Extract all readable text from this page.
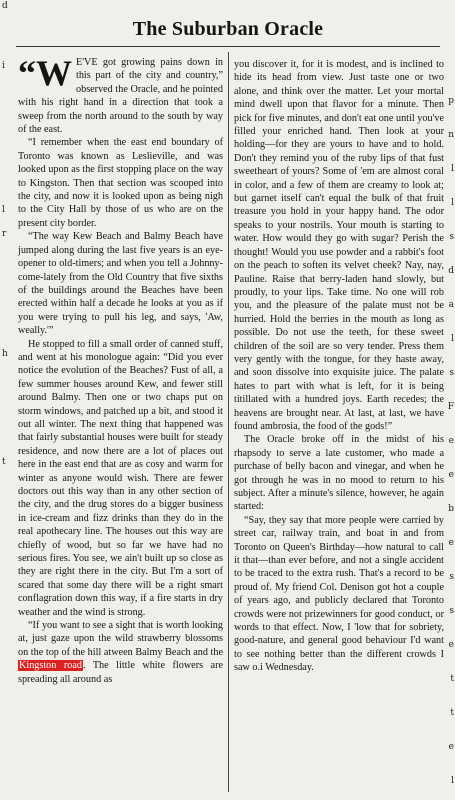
d

i

l

r

h

t

p
n
l
l
s
d
a
l
s
F
e
e
b
e
s
s
e
t
t
e
l
The Suburban Oracle

“W E'VE got growing pains down in this part of the city and country,” observed the Oracle, and he pointed with his right hand in a direction that took a sweep from the north around to the south by way of the east.

“I remember when the east end boundary of Toronto was known as Leslieville, and was looked upon as the first stopping place on the way to Kingston. Then that section was scooped into the city, and now it is looked upon as being nigh to the City Hall by those of us who are on the present city border.

“The way Kew Beach and Balmy Beach have jumped along during the last five years is an eye-opener to old-timers; and when you tell a Johnny-come-lately from the Old Country that five sixths of the buildings around the Beaches have been erected within half a decade he looks at you as if you were trying to pull his leg, and says, 'Aw, weally.'”

He stopped to fill a small order of canned stuff, and went at his monologue again: “Did you ever notice the evolution of the Beaches? Fust of all, a few summer houses around Kew, and fewer still around Balmy. Then one or two chaps put on storm windows, and patched up a bit, and stood it out all winter. The next thing that happened was that fairly substantial houses were built for steady residence, and now there are a lot of places out here in the east end that are as cosy and warm for winter as anyone would wish. There are fewer doctors out this way than in any other section of the city, and the drug stores do a bigger business in ice-cream and fizz drinks than they do in the real apothecary line. The houses out this way are chiefly of wood, but so far we have had no serious fires. You see, we ain't built up so close as they are right there in the city. But I'm a sort of scared that some day there will be a right smart conflagration down this way, if a fire starts in dry weather and the wind is strong.

“If you want to see a sight that is worth looking at, just gaze upon the wild strawberry blossoms on the top of the hill atween Balmy Beach and the Kingston road. The little white flowers are spreading all around as

you discover it, for it is modest, and is inclined to hide its head from view. Just taste one or two alone, and think over the matter. Let your mortal mind dwell upon that flavor for a minute. Then pick for five minutes, and don't eat one until you've filled your enriched hand. Then look at your holding—for they are yours to have and to hold. Don't they remind you of the ruby lips of that fust sweetheart of yours? Some of 'em are almost coral in color, and a few of them are creamy to look at; but garnet itself can't equal the bulk of that fruit treasure you hold in your happy hand. The odor speaks to your nostrils. Your mouth is starting to water. How would they go with sugar? Perish the thought! Would you use powder and a rabbit's foot on the peach to soften its velvet cheek? Nay, nay, Pauline. Raise that berry-laden hand slowly, but proudly, to your lips. Take time. No one will rob you, and the pleasure of the palate must not be hurried. Hold the berries in the mouth as long as possible. Do not use the teeth, for these sweet children of the soil are so very tender. Press them very gently with the tongue, for they haste away, and soon dissolve into exquisite juice. The palate hates to part with what is left, for it is being titillated with a hundred joys. Earth recedes; the heavens are brought near. At last, at last, we have found ambrosia, the food of the gods!”

The Oracle broke off in the midst of his rhapsody to serve a late customer, who made a purchase of belly bacon and vinegar, and when he got through he was in no mood to return to his subject. After a minute's silence, however, he again started:

“Say, they say that more people were carried by street car, railway train, and boat in and from Toronto on Queen's Birthday—how natural to call it that—than ever before, and not a single accident to be traced to the extra rush. That's a record to be proud of. My friend Col. Denison got hot a couple of years ago, and publicly declared that Toronto crowds were not prizewinners for good conduct, or words to that effect. Now, I 'low that for sobriety, good-nature, and general good behaviour I'd want to see nothing better than the different crowds I saw o.i Wednesday.
